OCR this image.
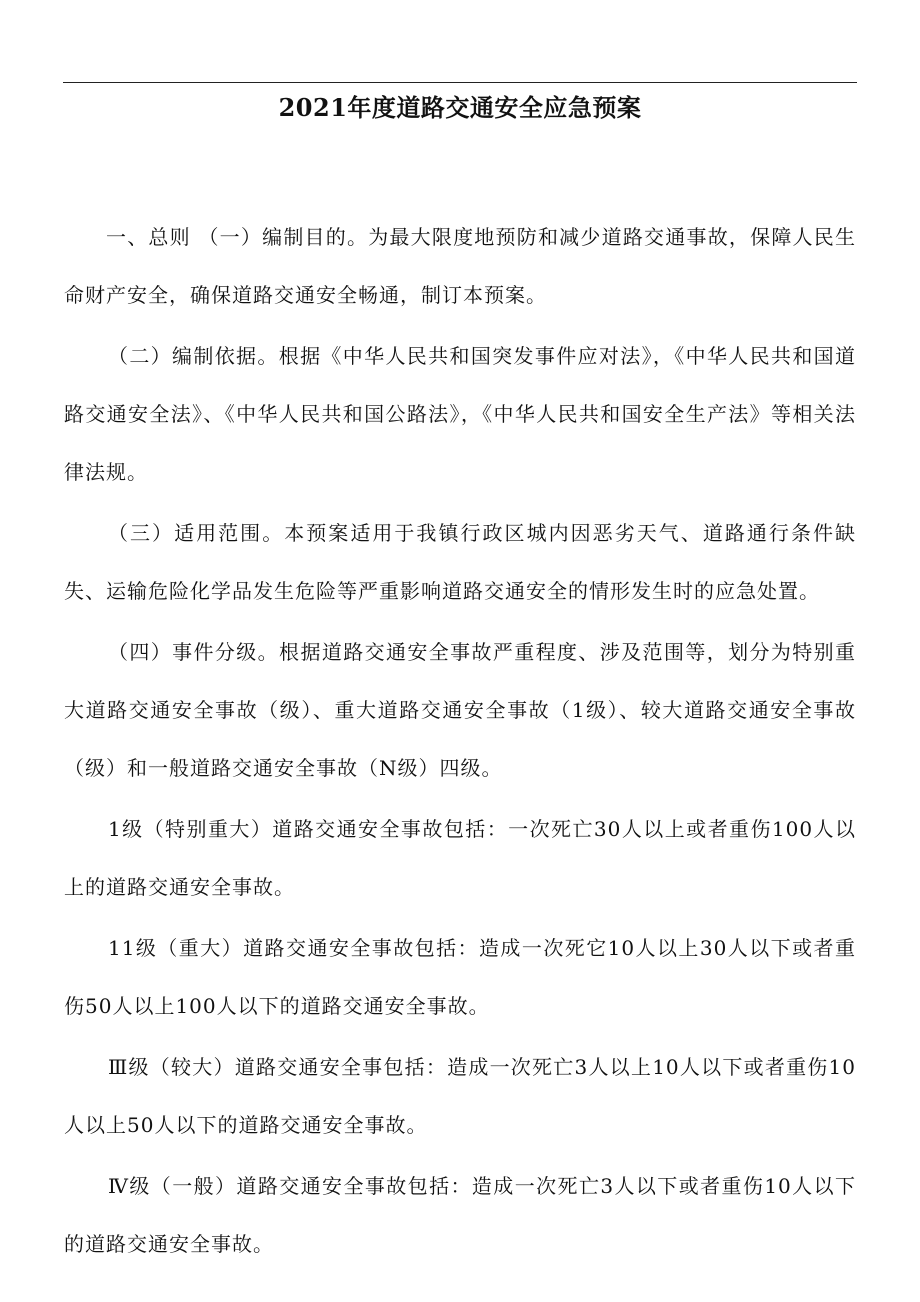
2021年度道路交通安全应急预案

一、总则 （一）编制目的。为最大限度地预防和减少道路交通事故，保障人民生命财产安全，确保道路交通安全畅通，制订本预案。

（二）编制依据。根据《中华人民共和国突发事件应对法》，《中华人民共和国道路交通安全法》、《中华人民共和国公路法》，《中华人民共和国安全生产法》等相关法律法规。

（三）适用范围。本预案适用于我镇行政区城内因恶劣天气、道路通行条件缺失、运输危险化学品发生危险等严重影响道路交通安全的情形发生时的应急处置。

（四）事件分级。根据道路交通安全事故严重程度、涉及范围等，划分为特别重大道路交通安全事故（级）、重大道路交通安全事故（1级）、较大道路交通安全事故（级）和一般道路交通安全事故（N级）四级。

1级（特别重大）道路交通安全事故包括：一次死亡30人以上或者重伤100人以上的道路交通安全事故。

11级（重大）道路交通安全事故包括：造成一次死它10人以上30人以下或者重伤50人以上100人以下的道路交通安全事故。

Ⅲ级（较大）道路交通安全事包括：造成一次死亡3人以上10人以下或者重伤10人以上50人以下的道路交通安全事故。

Ⅳ级（一般）道路交通安全事故包括：造成一次死亡3人以下或者重伤10人以下的道路交通安全事故。
